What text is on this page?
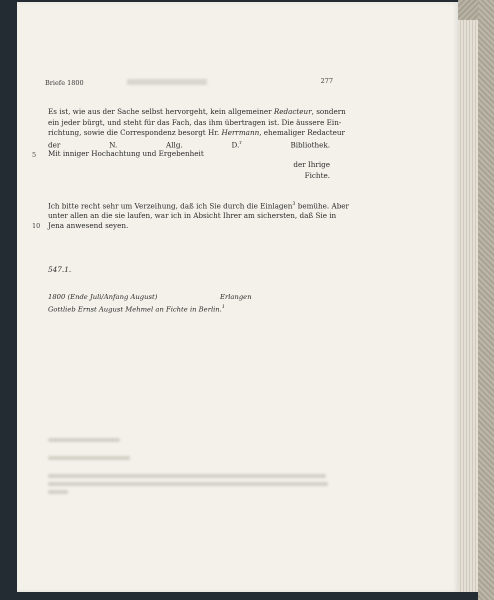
Briefe 1800	277
Es ist, wie aus der Sache selbst hervorgeht, kein allgemeiner Redacteur, sondern
ein jeder bürgt, und steht für das Fach, das ihm übertragen ist. Die äussere Ein-
richtung, sowie die Correspondenz besorgt Hr. Herrmann, ehemaliger Redacteur
der N. Allg. D.$^r$ Bibliothek.
Mit inniger Hochachtung und Ergebenheit
der Ihrige
Fichte.
Ich bitte recht sehr um Verzeihung, daß ich Sie durch die Einlagen$^3$ bemühe. Aber
unter allen an die sie laufen, war ich in Absicht Ihrer am sichersten, daß Sie in
Jena anwesend seyen.
5
10
547.1.
1800 (Ende Juli/Anfang August)	Erlangen
Gottlieb Ernst August Mehmel an Fichte in Berlin.$^1$
